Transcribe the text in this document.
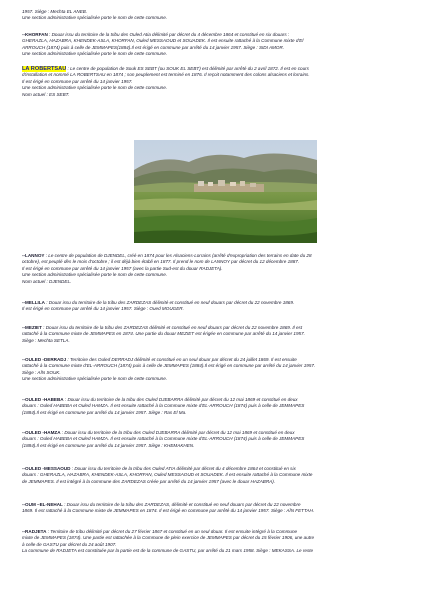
1957. Siège : Mechta EL ANEB.
Une section administrative spécialisée porte le nom de cette commune.
--KHORFAN : Douar issu du territoire de la tribu des Ouled Atia délimité par décret du 4 décembre 1864 et constitué en six douars :
GHERAZLA, HAZABRA, KHENDEK-ASLA, KHORFAN, Ouled MESSAOUD et SOUADEK. Il est ensuite rattaché à la Commune mixte d'El
ARROUCH (1874) puis à celle de JEMMAPES(1884).Il est érigé en commune par arrêté du 14 janvier 1957. Siège : SIDI AMOR.
Une section administrative spécialisée porte le nom de cette commune.
LA ROBERTSAU : Le centre de population de Souk ES SEBT (ou SOUK EL SEBT) est délimité par arrêté du 2 avril 1872. Il est en cours
d'installation et nommé LA ROBERTSAU en 1874 ; son peuplement est terminé en 1876. Il reçoit notamment des colons alsaciens et lorrains.
Il est érigé en commune par arrêté du 14 janvier 1957.
Une section administrative spécialisée porte le nom de cette commune.
Nom actuel : ES SEBT.
--LANNOY : Le centre de population de DJENDEL, créé en 1874 pour les Alsaciens-Lorrains (arrêté d'expropriation des terrains en date du 28
octobre), est peuplé dès le mois d'octobre ; il est déjà bien établi en 1877. Il prend le nom de LANNOY par décret du 12 décembre 1887.
Il est érigé en commune par arrêté du 14 janvier 1957 (avec la partie Sud-est du douar RADJETA).
Une section administrative spécialisée porte le nom de cette commune.
Nom actuel : DJENDEL.
--MELLILA : Douar issu du territoire de la tribu des ZARDEZAS délimité et constitué en neuf douars par décret du 22 novembre 1869.
Il est érigé en commune par arrêté du 14 janvier 1957. Siège : Oued MOUGER.
--MEZIET : Douar issu du territoire de la tribu des ZARDEZAS délimité et constitué en neuf douars par décret du 22 novembre 1869. Il est
rattaché à la Commune mixte de JEMMAPES en 1874. Une partie du douar MEZIET est érigée en commune par arrêté du 14 janvier 1957.
Siège : Mechta SETLA.
--OULED -DERRADJ : Territoire des Ouled DERRADJ délimité et constitué en un seul douar par décret du 24 juillet 1869. Il est ensuite
rattaché à la Commune mixte d'EL-ARROUCH (1874) puis à celle de JEMMAPES (1884).Il est érigé en commune par arrêté du 14 janvier 1957.
Siège : AÏN SOUK.
Une section administrative spécialisée porte le nom de cette commune.
--OULED -HABEBA : Douar issu du territoire de la tribu des Ouled DJEBARRA délimité par décret du 12 mai 1869 et constitué en deux
douars : Ouled HABEBA et Ouled HAMZA. Il est ensuite rattaché à la Commune mixte d'EL-ARROUCH (1874) puis à celle de JEMMAPES
(1884).Il est érigé en commune par arrêté du 14 janvier 1957. Siège : Ras El Ma.
--OULED -HAMZA : Douar issu du territoire de la tribu des Ouled DJEBARRA délimité par décret du 12 mai 1869 et constitué en deux
douars : Ouled HABEBA et Ouled HAMZA. Il est ensuite rattaché à la Commune mixte d'EL-ARROUCH (1874) puis à celle de JEMMAPES
(1884).Il est érigé en commune par arrêté du 14 janvier 1957. Siège : KHEMAKHEN.
--OULED -MESSAOUD : Douar issu du territoire de la tribu des Ouled ATIA délimité par décret du 4 décembre 1864 et constitué en six
douars : GHERAZLA, HAZABRA, KHENDEK-ASLA, KHORFAN, Ouled MESSAOUD et SOUADEK. Il est ensuite rattaché à la Commune mixte
de JEMMAPES. Il est intégré à la commune des ZARDEZAS créée par arrêté du 14 janvier 1957 (avec le douar HAZABRA).
--OUM –EL-NEHAL : Douar issu du territoire de la tribu des ZARDEZAS, délimité et constitué en neuf douars par décret du 22 novembre
1869. Il est rattaché à la Commune mixte de JEMMAPES en 1874. Il est érigé en commune par arrêté du 14 janvier 1957. Siège : AÏN FETTAH.
--RADJETA : Territoire de tribu délimité par décret du 27 février 1867 et constitué en un seul douar. Il est ensuite intégré à la Commune
mixte de JEMMAPES (1874). Une partie est rattachée à la Commune de plein exercice de JEMMAPES par décret du 15 février 1906, une autre
à celle de GASTU par décret du 24 août 1907.
La commune de RADJETA est constituée par la partie est de la commune de GASTU, par arrêté du 21 mars 1958. Siège : MEKASSA. Le reste
